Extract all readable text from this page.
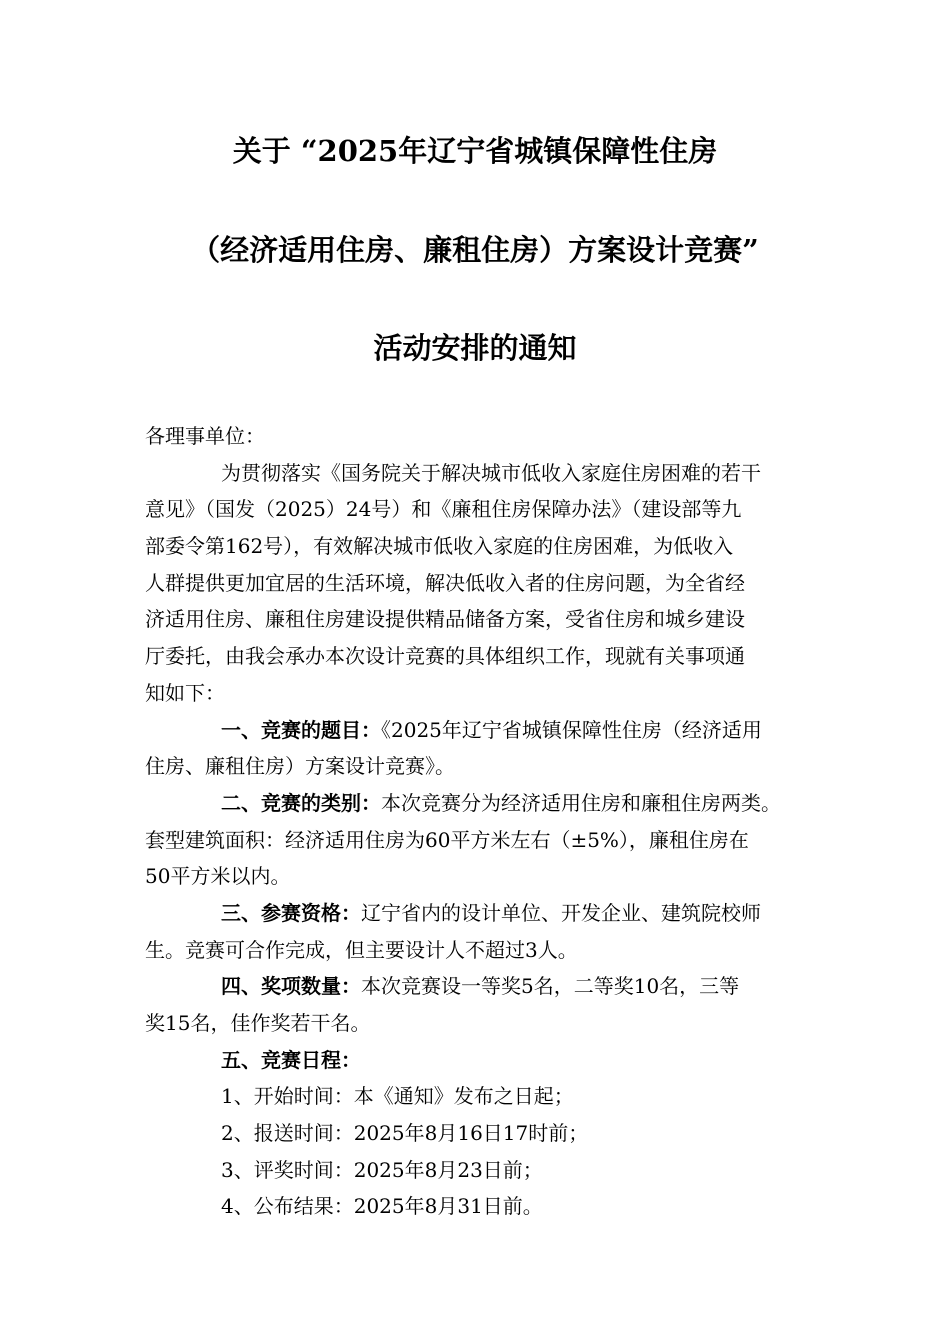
关于 “2025年辽宁省城镇保障性住房
（经济适用住房、廉租住房）方案设计竞赛”
活动安排的通知
各理事单位：
为贯彻落实《国务院关于解决城市低收入家庭住房困难的若干
意见》（国发（2025）24号）和《廉租住房保障办法》（建设部等九
部委令第162号），有效解决城市低收入家庭的住房困难，为低收入
人群提供更加宜居的生活环境，解决低收入者的住房问题，为全省经
济适用住房、廉租住房建设提供精品储备方案，受省住房和城乡建设
厅委托，由我会承办本次设计竞赛的具体组织工作，现就有关事项通
知如下：
一、竞赛的题目：《2025年辽宁省城镇保障性住房（经济适用
住房、廉租住房）方案设计竞赛》。
二、竞赛的类别：本次竞赛分为经济适用住房和廉租住房两类。
套型建筑面积：经济适用住房为60平方米左右（±5%），廉租住房在
50平方米以内。
三、参赛资格：辽宁省内的设计单位、开发企业、建筑院校师
生。竞赛可合作完成，但主要设计人不超过3人。
四、奖项数量：本次竞赛设一等奖5名，二等奖10名，三等
奖15名，佳作奖若干名。
五、竞赛日程：
1、开始时间：本《通知》发布之日起；
2、报送时间：2025年8月16日17时前；
3、评奖时间：2025年8月23日前；
4、公布结果：2025年8月31日前。
